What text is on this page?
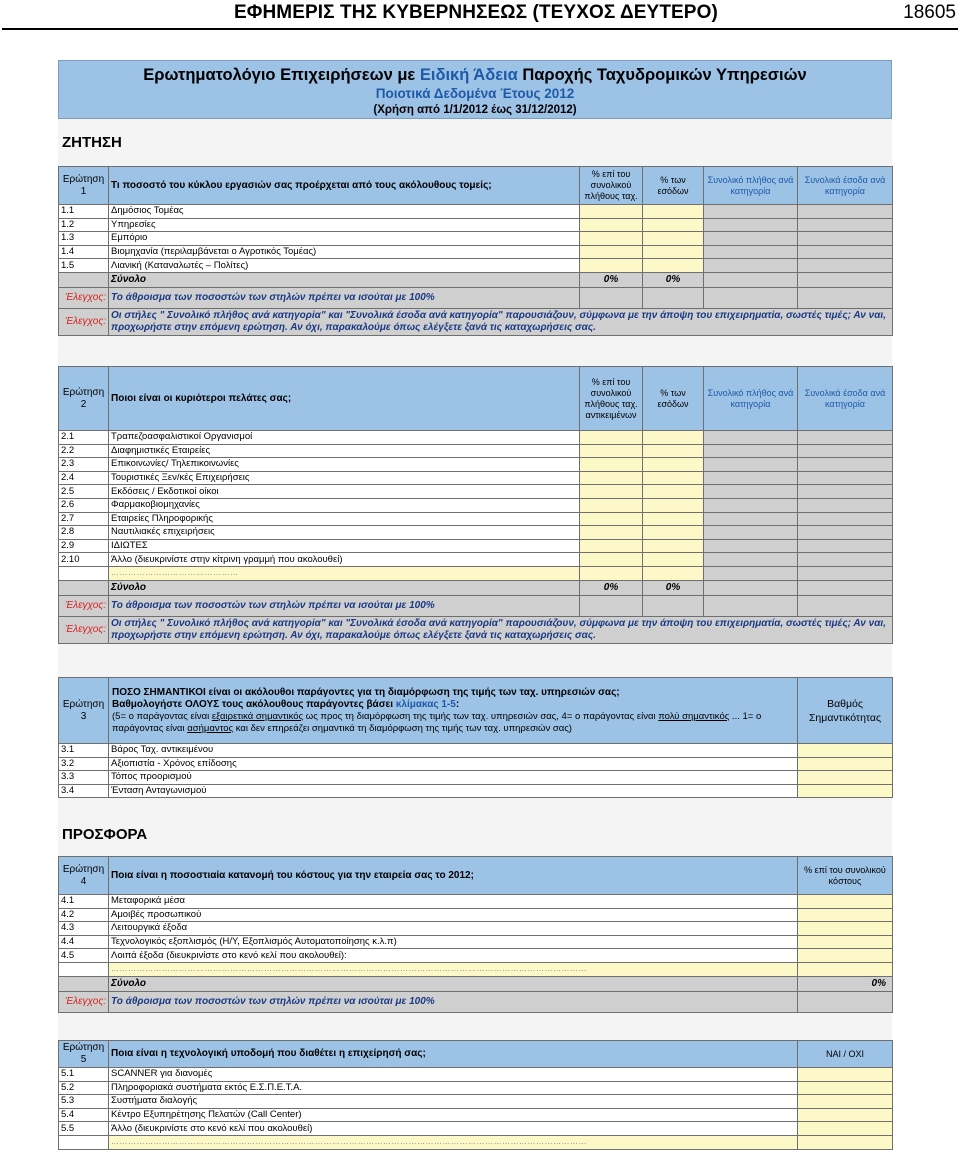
ΕΦΗΜΕΡΙΣ ΤΗΣ ΚΥΒΕΡΝΗΣΕΩΣ (ΤΕΥΧΟΣ ΔΕΥΤΕΡΟ)	18605
Ερωτηματολόγιο Επιχειρήσεων με Ειδική Άδεια Παροχής Ταχυδρομικών Υπηρεσιών
Ποιοτικά Δεδομένα Έτους 2012
(Χρήση από 1/1/2012 έως 31/12/2012)
ΖΗΤΗΣΗ
Ερώτηση
1	Τι ποσοστό του κύκλου εργασιών σας προέρχεται από τους ακόλουθους τομείς;	% επί του συνολικού πλήθους ταχ.	% των εσόδων	Συνολικό πλήθος ανά κατηγορία	Συνολικά έσοδα ανά κατηγορία
1.1	Δημόσιος Τομέας				
1.2	Υπηρεσίες				
1.3	Εμπόριο				
1.4	Βιομηχανία (περιλαμβάνεται ο Αγροτικός Τομέας)				
1.5	Λιανική (Καταναλωτές – Πολίτες)				
	Σύνολο	0%	0%		
Έλεγχος:	Το άθροισμα των ποσοστών των στηλών πρέπει να ισούται με 100%				
Έλεγχος:	Οι στήλες " Συνολικό πλήθος ανά κατηγορία" και "Συνολικά έσοδα ανά κατηγορία" παρουσιάζουν, σύμφωνα με την άποψη του επιχειρηματία, σωστές τιμές; Αν ναι, προχωρήστε στην επόμενη ερώτηση. Αν όχι, παρακαλούμε όπως ελέγξετε ξανά τις καταχωρήσεις σας.				
Ερώτηση
2	Ποιοι είναι οι κυριότεροι πελάτες σας;	% επί του συνολικού πλήθους ταχ. αντικειμένων	% των εσόδων	Συνολικό πλήθος ανά κατηγορία	Συνολικά έσοδα ανά κατηγορία
2.1	Τραπεζοασφαλιστικοί Οργανισμοί				
2.2	Διαφημιστικές Εταιρείες				
2.3	Επικοινωνίες/ Τηλεπικοινωνίες				
2.4	Τουριστικές Ξεν/κές Επιχειρήσεις				
2.5	Εκδόσεις / Εκδοτικοί οίκοι				
2.6	Φαρμακοβιομηχανίες				
2.7	Εταιρείες Πληροφορικής				
2.8	Ναυτιλιακές επιχειρήσεις				
2.9	ΙΔΙΩΤΕΣ				
2.10	Άλλο (διευκρινίστε στην κίτρινη γραμμή που ακολουθεί)				
	………………………………………				
	Σύνολο	0%	0%		
Έλεγχος:	Το άθροισμα των ποσοστών των στηλών πρέπει να ισούται με 100%				
Έλεγχος:	Οι στήλες " Συνολικό πλήθος ανά κατηγορία" και "Συνολικά έσοδα ανά κατηγορία" παρουσιάζουν, σύμφωνα με την άποψη του επιχειρηματία, σωστές τιμές; Αν ναι, προχωρήστε στην επόμενη ερώτηση. Αν όχι, παρακαλούμε όπως ελέγξετε ξανά τις καταχωρήσεις σας.				
Ερώτηση
3	ΠΟΣΟ ΣΗΜΑΝΤΙΚΟΙ είναι οι ακόλουθοι παράγοντες για τη διαμόρφωση της τιμής των ταχ. υπηρεσιών σας;
Βαθμολογήστε ΟΛΟΥΣ τους ακόλουθους παράγοντες βάσει κλίμακας 1-5:
(5= ο παράγοντας είναι εξαιρετικά σημαντικός ως προς τη διαμόρφωση της τιμής των ταχ. υπηρεσιών σας, 4= ο παράγοντας είναι πολύ σημαντικός ... 1= ο παράγοντας είναι ασήμαντος και δεν επηρεάζει σημαντικά τη διαμόρφωση της τιμής των ταχ. υπηρεσιών σας)	Βαθμός Σημαντικότητας
3.1	Βάρος Ταχ. αντικειμένου	
3.2	Αξιοπιστία - Χρόνος επίδοσης	
3.3	Τόπος προορισμού	
3.4	Ένταση Ανταγωνισμού	
ΠΡΟΣΦΟΡΑ
Ερώτηση
4	Ποια είναι η ποσοστιαία κατανομή του κόστους για την εταιρεία σας το 2012;	% επί του συνολικού κόστους
4.1	Μεταφορικά μέσα	
4.2	Αμοιβές προσωπικού	
4.3	Λειτουργικά έξοδα	
4.4	Τεχνολογικός εξοπλισμός (Η/Υ, Εξοπλισμός Αυτοματοποίησης κ.λ.π)	
4.5	Λοιπά έξοδα (διευκρινίστε στο κενό κελί που ακολουθεί):	
	……………………………………………………………………………………………………………………………………………………	
	Σύνολο	0%
Έλεγχος:	Το άθροισμα των ποσοστών των στηλών πρέπει να ισούται με 100%	
Ερώτηση
5	Ποια είναι η τεχνολογική υποδομή που διαθέτει η επιχείρησή σας;	ΝΑΙ / ΟΧΙ
5.1	SCANNER για διανομές	
5.2	Πληροφοριακά συστήματα εκτός Ε.Σ.Π.Ε.Τ.Α.	
5.3	Συστήματα διαλογής	
5.4	Κέντρο Εξυπηρέτησης Πελατών (Call Center)	
5.5	Άλλο (διευκρινίστε στο κενό κελί που ακολουθεί)	
	……………………………………………………………………………………………………………………………………………………	
